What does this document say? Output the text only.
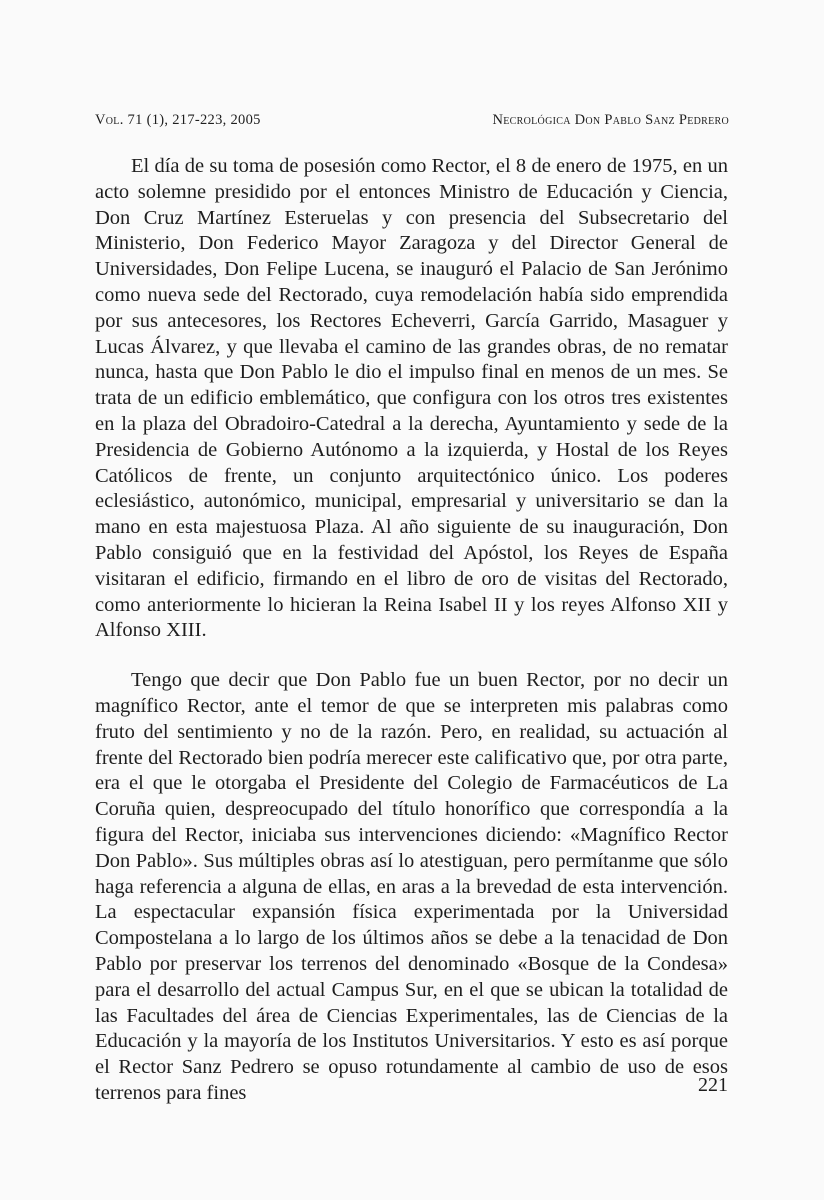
Vol. 71 (1), 217-223, 2005	Necrológica Don Pablo Sanz Pedrero

El día de su toma de posesión como Rector, el 8 de enero de 1975, en un acto solemne presidido por el entonces Ministro de Educación y Ciencia, Don Cruz Martínez Esteruelas y con presencia del Subsecretario del Ministerio, Don Federico Mayor Zaragoza y del Director General de Universidades, Don Felipe Lucena, se inauguró el Palacio de San Jerónimo como nueva sede del Rectorado, cuya remodelación había sido emprendida por sus antecesores, los Rectores Echeverri, García Garrido, Masaguer y Lucas Álvarez, y que llevaba el camino de las grandes obras, de no rematar nunca, hasta que Don Pablo le dio el impulso final en menos de un mes. Se trata de un edificio emblemático, que configura con los otros tres existentes en la plaza del Obradoiro-Catedral a la derecha, Ayuntamiento y sede de la Presidencia de Gobierno Autónomo a la izquierda, y Hostal de los Reyes Católicos de frente, un conjunto arquitectónico único. Los poderes eclesiástico, autonómico, municipal, empresarial y universitario se dan la mano en esta majestuosa Plaza. Al año siguiente de su inauguración, Don Pablo consiguió que en la festividad del Apóstol, los Reyes de España visitaran el edificio, firmando en el libro de oro de visitas del Rectorado, como anteriormente lo hicieran la Reina Isabel II y los reyes Alfonso XII y Alfonso XIII.

Tengo que decir que Don Pablo fue un buen Rector, por no decir un magnífico Rector, ante el temor de que se interpreten mis palabras como fruto del sentimiento y no de la razón. Pero, en realidad, su actuación al frente del Rectorado bien podría merecer este calificativo que, por otra parte, era el que le otorgaba el Presidente del Colegio de Farmacéuticos de La Coruña quien, despreocupado del título honorífico que correspondía a la figura del Rector, iniciaba sus intervenciones diciendo: «Magnífico Rector Don Pablo». Sus múltiples obras así lo atestiguan, pero permítanme que sólo haga referencia a alguna de ellas, en aras a la brevedad de esta intervención. La espectacular expansión física experimentada por la Universidad Compostelana a lo largo de los últimos años se debe a la tenacidad de Don Pablo por preservar los terrenos del denominado «Bosque de la Condesa» para el desarrollo del actual Campus Sur, en el que se ubican la totalidad de las Facultades del área de Ciencias Experimentales, las de Ciencias de la Educación y la mayoría de los Institutos Universitarios. Y esto es así porque el Rector Sanz Pedrero se opuso rotundamente al cambio de uso de esos terrenos para fines	221
